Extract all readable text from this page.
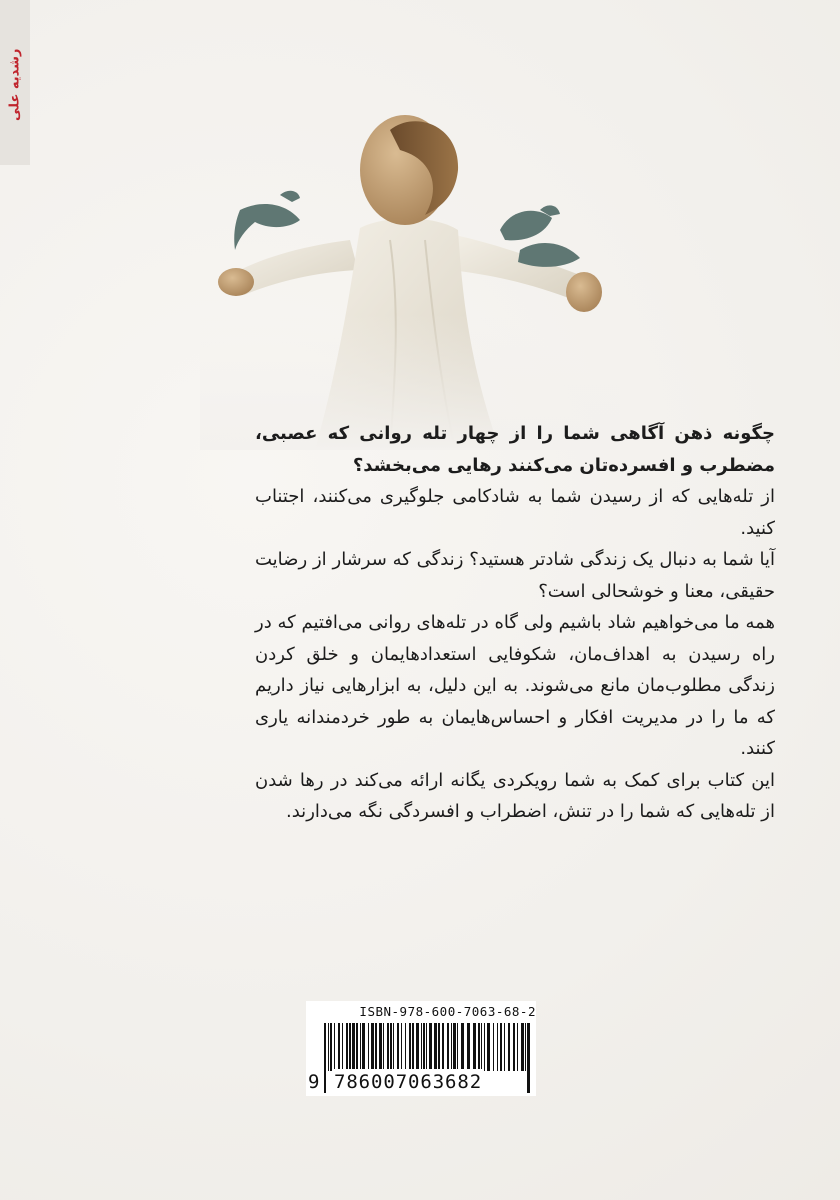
رشدیه علی

چگونه ذهن آگاهی شما را از چهار تله روانی که عصبی، مضطرب و افسرده‌تان می‌کنند رهایی می‌بخشد؟

از تله‌هایی که از رسیدن شما به شادکامی جلوگیری می‌کنند، اجتناب کنید.

آیا شما به دنبال یک زندگی شادتر هستید؟ زندگی که سرشار از رضایت حقیقی، معنا و خوشحالی است؟

همه ما می‌خواهیم شاد باشیم ولی گاه در تله‌های روانی می‌افتیم که در راه رسیدن به اهداف‌مان، شکوفایی استعدادهایمان و خلق کردن زندگی مطلوب‌مان مانع می‌شوند. به این دلیل، به ابزارهایی نیاز داریم که ما را در مدیریت افکار و احساس‌هایمان به طور خردمندانه یاری کنند.

این کتاب برای کمک به شما رویکردی یگانه ارائه می‌کند در رها شدن از تله‌هایی که شما را در تنش، اضطراب و افسردگی نگه می‌دارند.

ISBN-978-600-7063-68-2
9 786007063682
